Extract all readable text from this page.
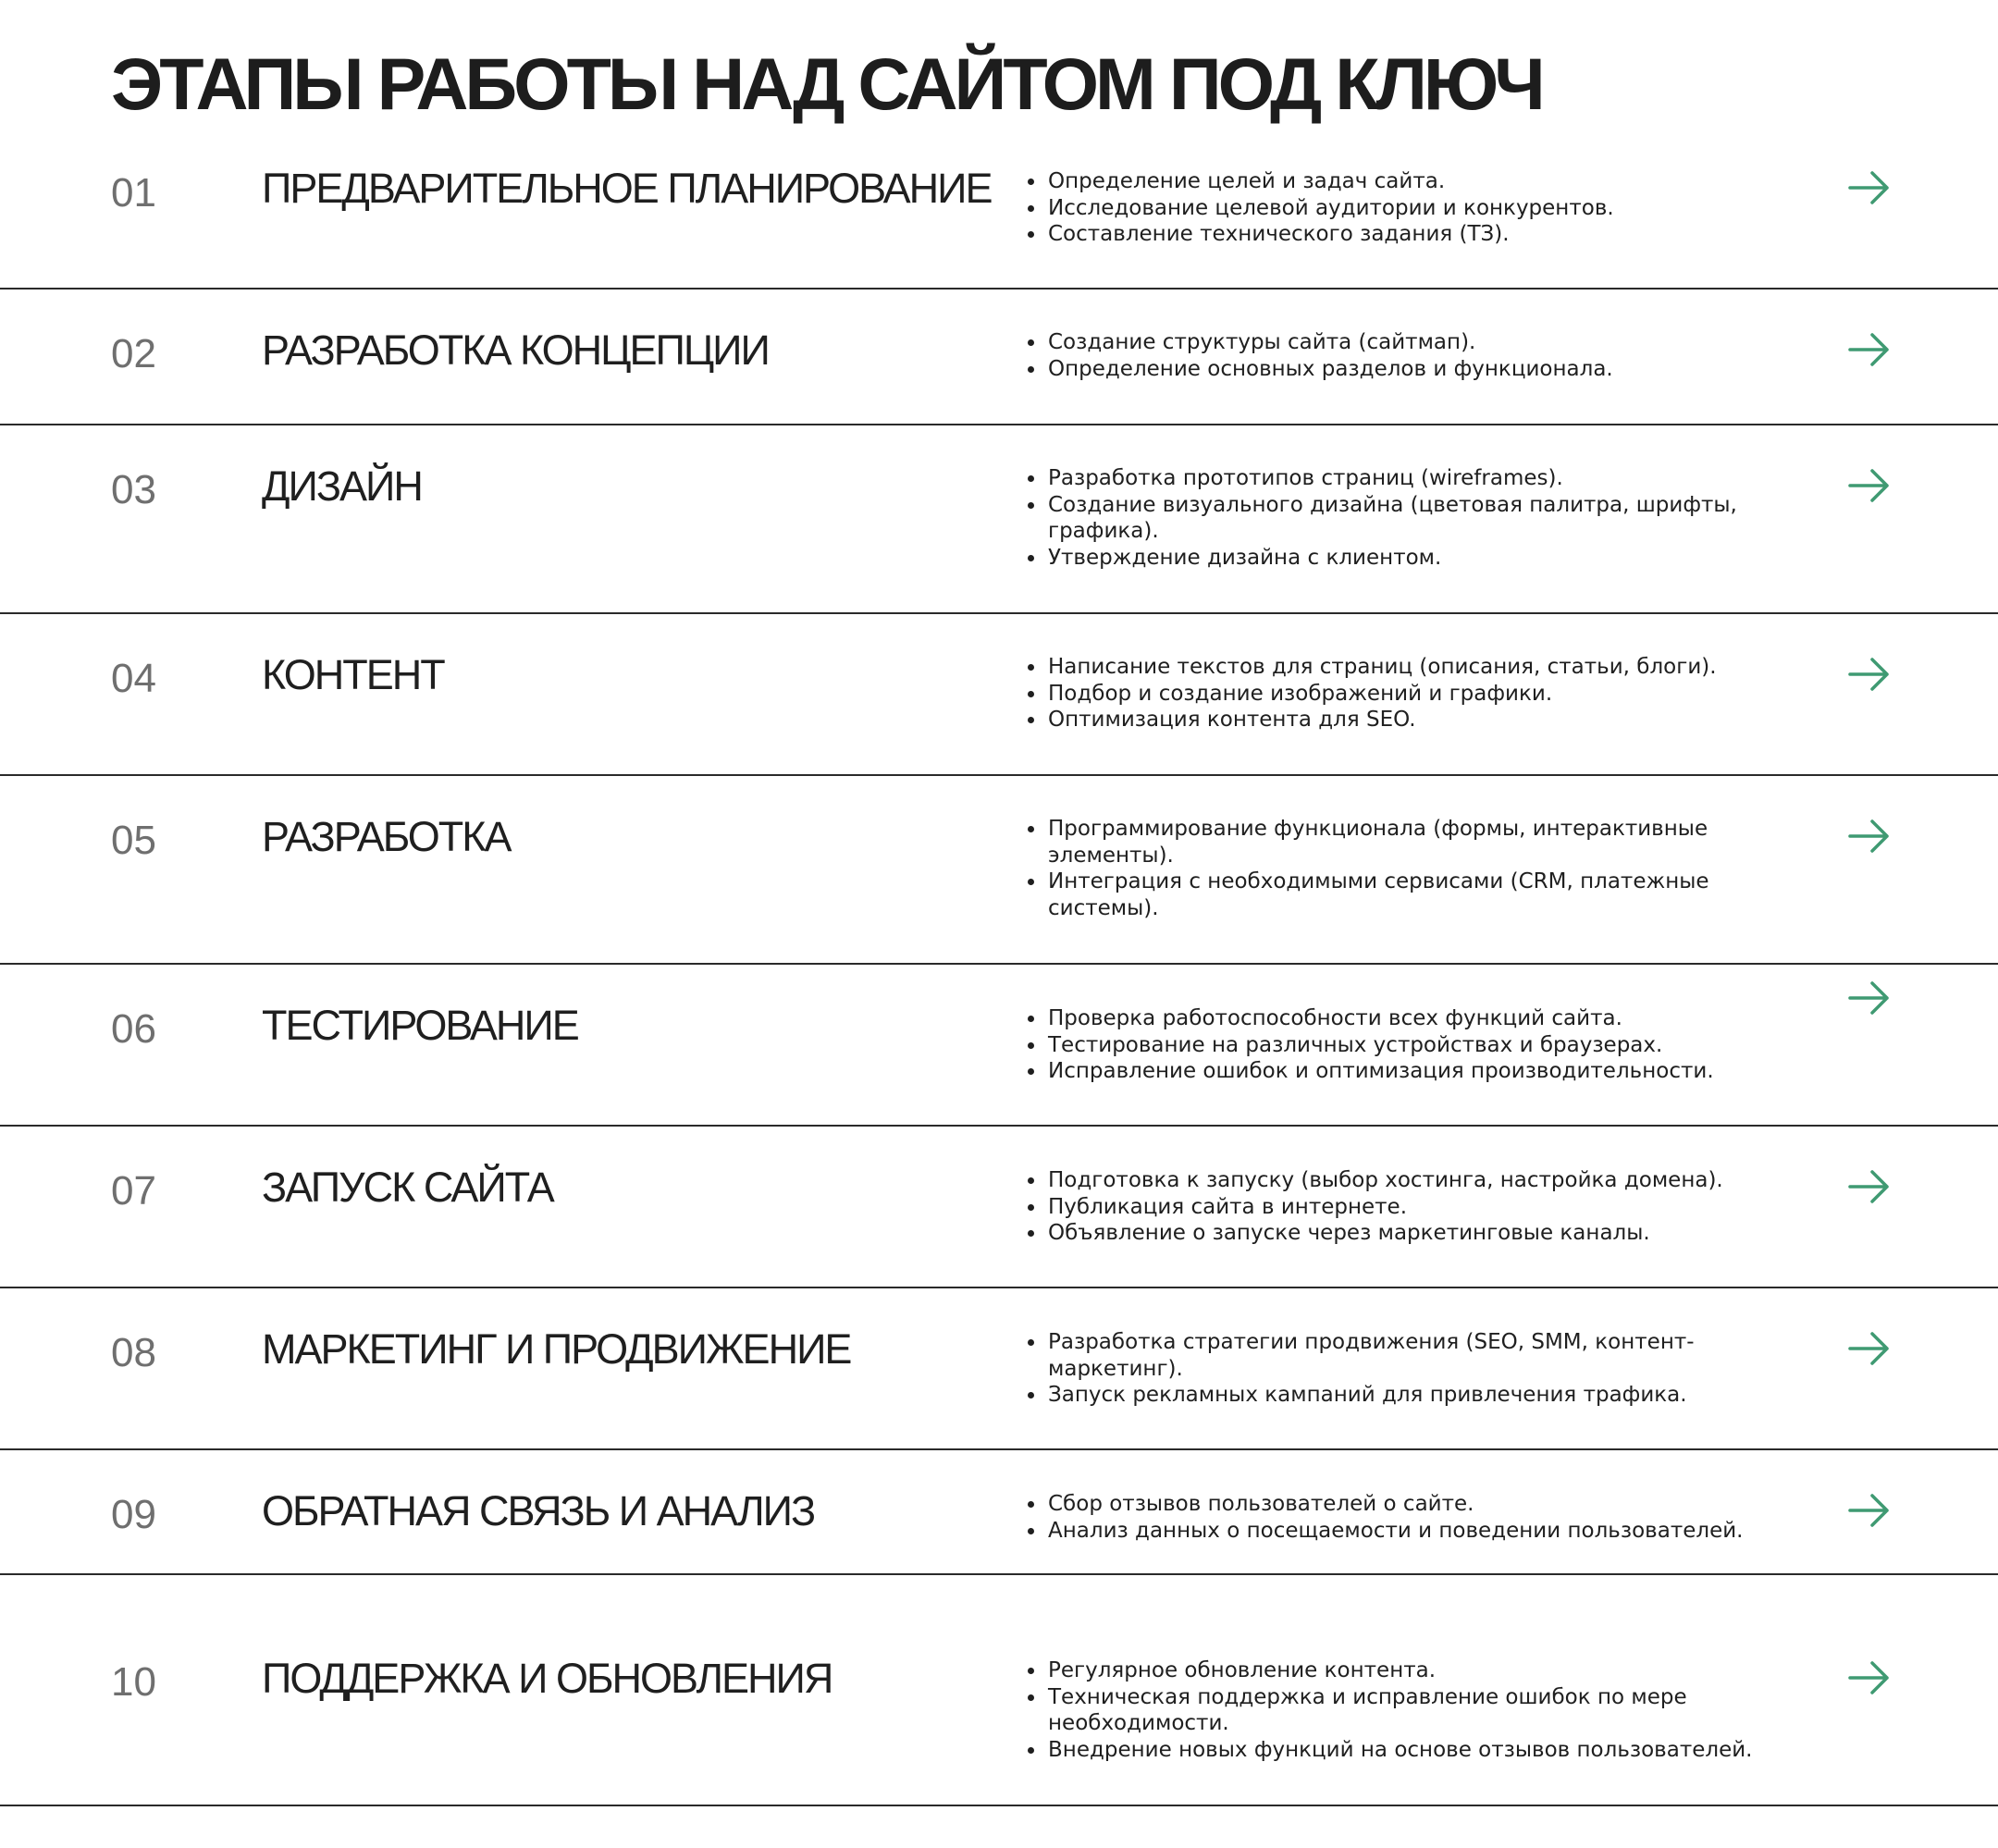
ЭТАПЫ РАБОТЫ НАД САЙТОМ ПОД КЛЮЧ
01	ПРЕДВАРИТЕЛЬНОЕ ПЛАНИРОВАНИЕ	• Определение целей и задач сайта.
• Исследование целевой аудитории и конкурентов.
• Составление технического задания (ТЗ).
02	РАЗРАБОТКА КОНЦЕПЦИИ	• Создание структуры сайта (сайтмап).
• Определение основных разделов и функционала.
03	ДИЗАЙН	• Разработка прототипов страниц (wireframes).
• Создание визуального дизайна (цветовая палитра, шрифты, графика).
• Утверждение дизайна с клиентом.
04	КОНТЕНТ	• Написание текстов для страниц (описания, статьи, блоги).
• Подбор и создание изображений и графики.
• Оптимизация контента для SEO.
05	РАЗРАБОТКА	• Программирование функционала (формы, интерактивные элементы).
• Интеграция с необходимыми сервисами (CRM, платежные системы).
06	ТЕСТИРОВАНИЕ	• Проверка работоспособности всех функций сайта.
• Тестирование на различных устройствах и браузерах.
• Исправление ошибок и оптимизация производительности.
07	ЗАПУСК САЙТА	• Подготовка к запуску (выбор хостинга, настройка домена).
• Публикация сайта в интернете.
• Объявление о запуске через маркетинговые каналы.
08	МАРКЕТИНГ И ПРОДВИЖЕНИЕ	• Разработка стратегии продвижения (SEO, SMM, контент-маркетинг).
• Запуск рекламных кампаний для привлечения трафика.
09	ОБРАТНАЯ СВЯЗЬ И АНАЛИЗ	• Сбор отзывов пользователей о сайте.
• Анализ данных о посещаемости и поведении пользователей.
10	ПОДДЕРЖКА И ОБНОВЛЕНИЯ	• Регулярное обновление контента.
• Техническая поддержка и исправление ошибок по мере необходимости.
• Внедрение новых функций на основе отзывов пользователей.
